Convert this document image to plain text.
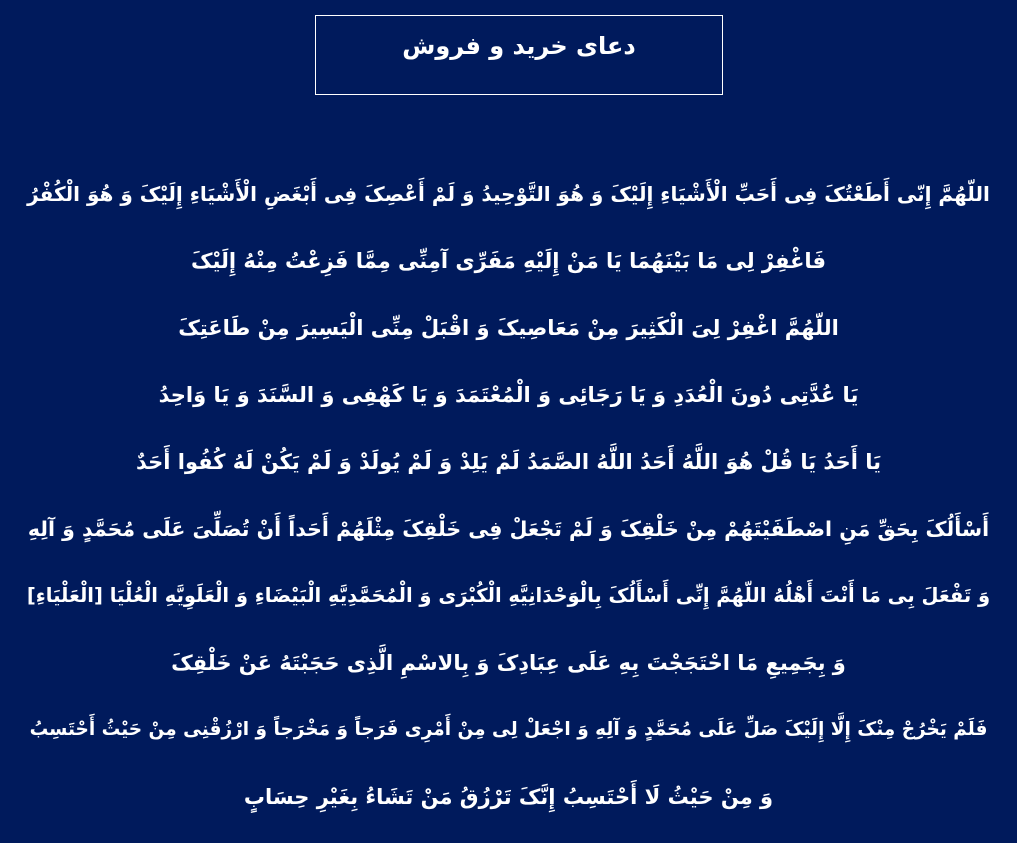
دعای خرید و فروش
اللّهُمَّ إِنّى أَطَعْتُکَ فِى أَحَبِّ الْأَشْيَاءِ إِلَيْکَ وَ هُوَ التَّوْحِيدُ وَ لَمْ أَعْصِکَ فِى أَبْغَضِ الْأَشْيَاءِ إِلَيْکَ وَ هُوَ الْکُفْرُ
فَاغْفِرْ لِى مَا بَيْنَهُمَا يَا مَنْ إِلَيْهِ مَفَرِّى آمِنِّى مِمَّا فَزِعْتُ مِنْهُ إِلَيْکَ
اللّهُمَّ اغْفِرْ لِىَ الْکَثِيرَ مِنْ مَعَاصِيکَ وَ اقْبَلْ مِنِّى الْيَسِيرَ مِنْ طَاعَتِکَ
يَا عُدَّتِى دُونَ الْعُدَدِ وَ يَا رَجَائِى وَ الْمُعْتَمَدَ وَ يَا کَهْفِى وَ السَّنَدَ وَ يَا وَاحِدُ
يَا أَحَدُ يَا قُلْ هُوَ اللَّهُ أَحَدُ اللَّهُ الصَّمَدُ لَمْ يَلِدْ وَ لَمْ يُولَدْ وَ لَمْ يَکُنْ لَهُ کُفُوا أَحَدٌ
أَسْأَلُکَ بِحَقِّ مَنِ اصْطَفَيْتَهُمْ مِنْ خَلْقِکَ وَ لَمْ تَجْعَلْ فِى خَلْقِکَ مِثْلَهُمْ أَحَداً أَنْ تُصَلِّىَ عَلَى مُحَمَّدٍ وَ آلِهِ
وَ تَفْعَلَ بِى مَا أَنْتَ أَهْلُهُ اللّهُمَّ إِنِّى أَسْأَلُکَ بِالْوَحْدَانِيَّهِ الْکُبْرَى وَ الْمُحَمَّدِيَّهِ الْبَيْضَاءِ وَ الْعَلَوِيَّهِ الْعُلْيَا [الْعَلْيَاءِ]
وَ بِجَمِيعِ مَا احْتَجَجْتَ بِهِ عَلَى عِبَادِکَ وَ بِالاسْمِ الَّذِى حَجَبْتَهُ عَنْ خَلْقِکَ
فَلَمْ يَخْرُجْ مِنْکَ إِلَّا إِلَيْکَ صَلِّ عَلَى مُحَمَّدٍ وَ آلِهِ وَ اجْعَلْ لِى مِنْ أَمْرِى فَرَجاً وَ مَخْرَجاً وَ ارْزُقْنِى مِنْ حَيْثُ أَحْتَسِبُ
وَ مِنْ حَيْثُ لَا أَحْتَسِبُ إِنَّکَ تَرْزُقُ مَنْ تَشَاءُ بِغَيْرِ حِسَابٍ
